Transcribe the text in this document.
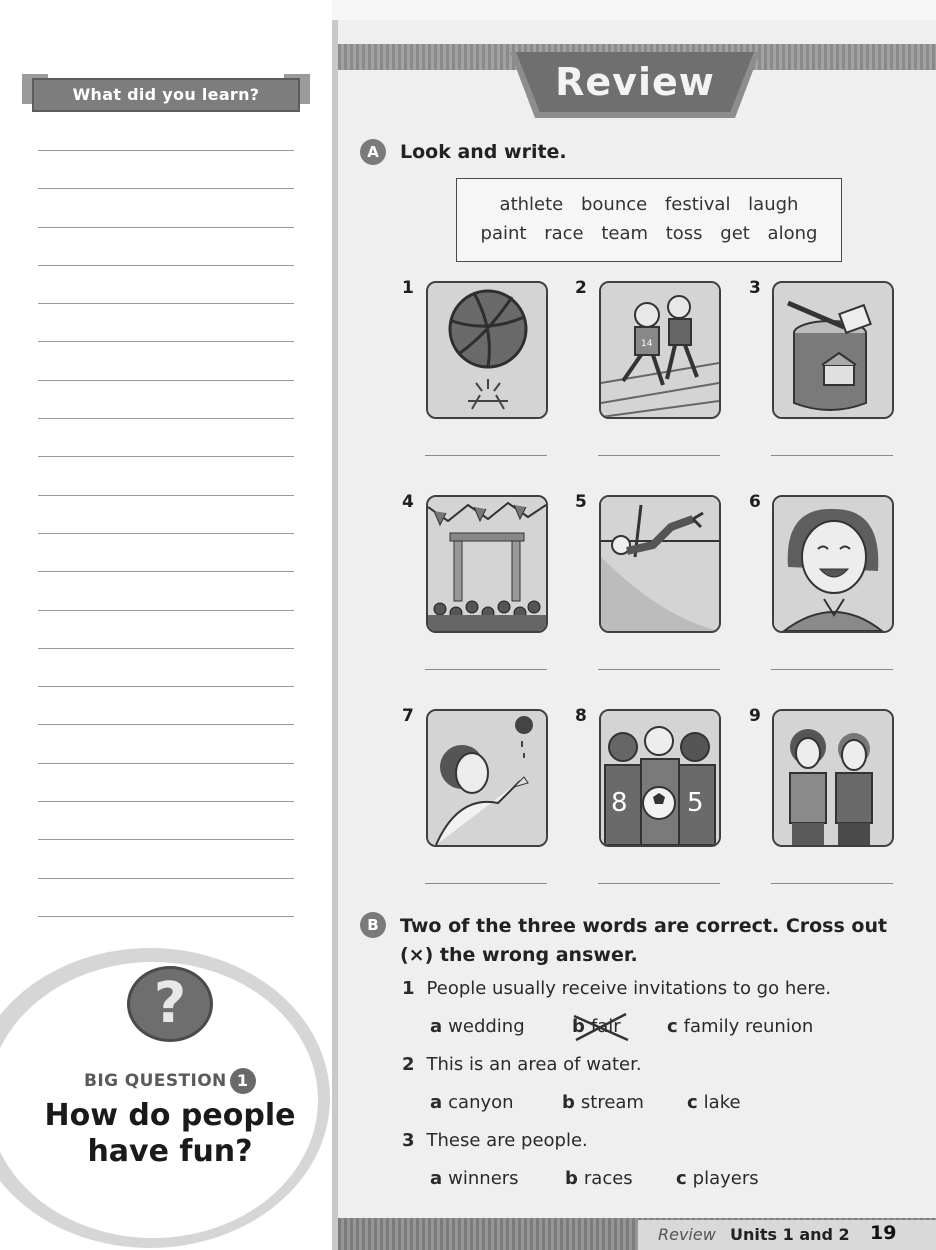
What did you learn?
?
BIG QUESTION 1
How do people have fun?
Review
A	Look and write.
athlete bounce festival laugh
paint race team toss get along
1	2
14
3
4	5	6
7	8
8 5
9
B	Two of the three words are correct. Cross out (×) the wrong answer.
1 People usually receive invitations to go here.
a wedding	b fair	c family reunion
2 This is an area of water.
a canyon	b stream c lake
3 These are people.
a winners	b races c players
Review Units 1 and 2 19
